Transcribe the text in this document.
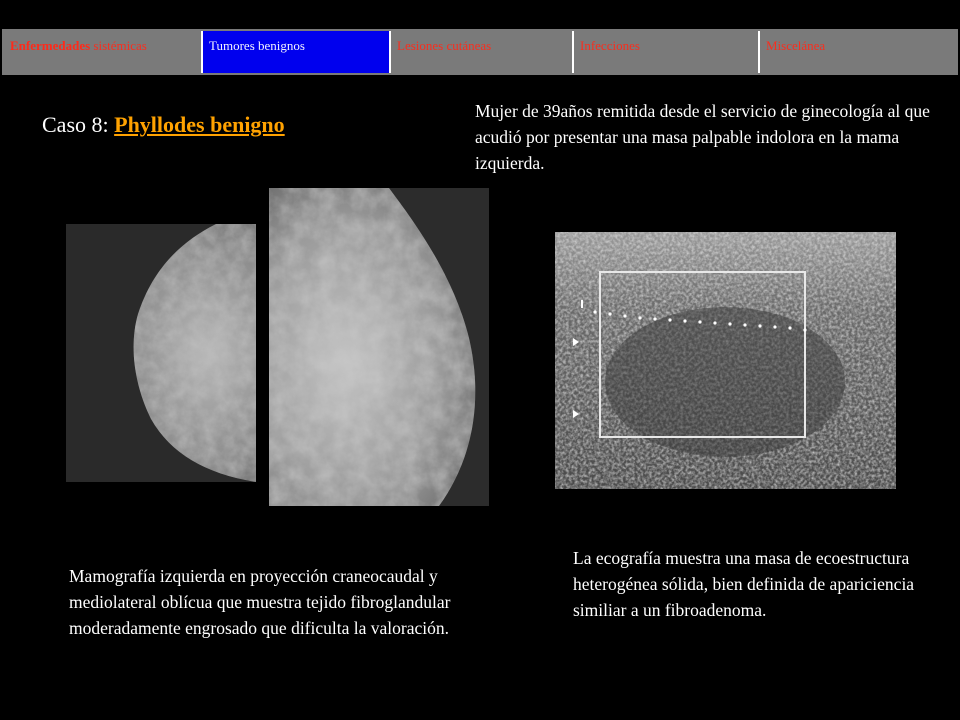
Enfermedades sistémicas	Tumores benignos	Lesiones cutáneas	Infecciones	Miscelánea
Caso 8: Phyllodes benigno
Mujer de 39años remitida desde el servicio de ginecología al que acudió por presentar una masa palpable indolora en la mama izquierda.
Mamografía izquierda en proyección craneocaudal y mediolateral oblícua que muestra tejido fibroglandular moderadamente engrosado que dificulta la valoración.
La ecografía muestra una masa de ecoestructura heterogénea sólida, bien definida de apariciencia similiar a un fibroadenoma.
